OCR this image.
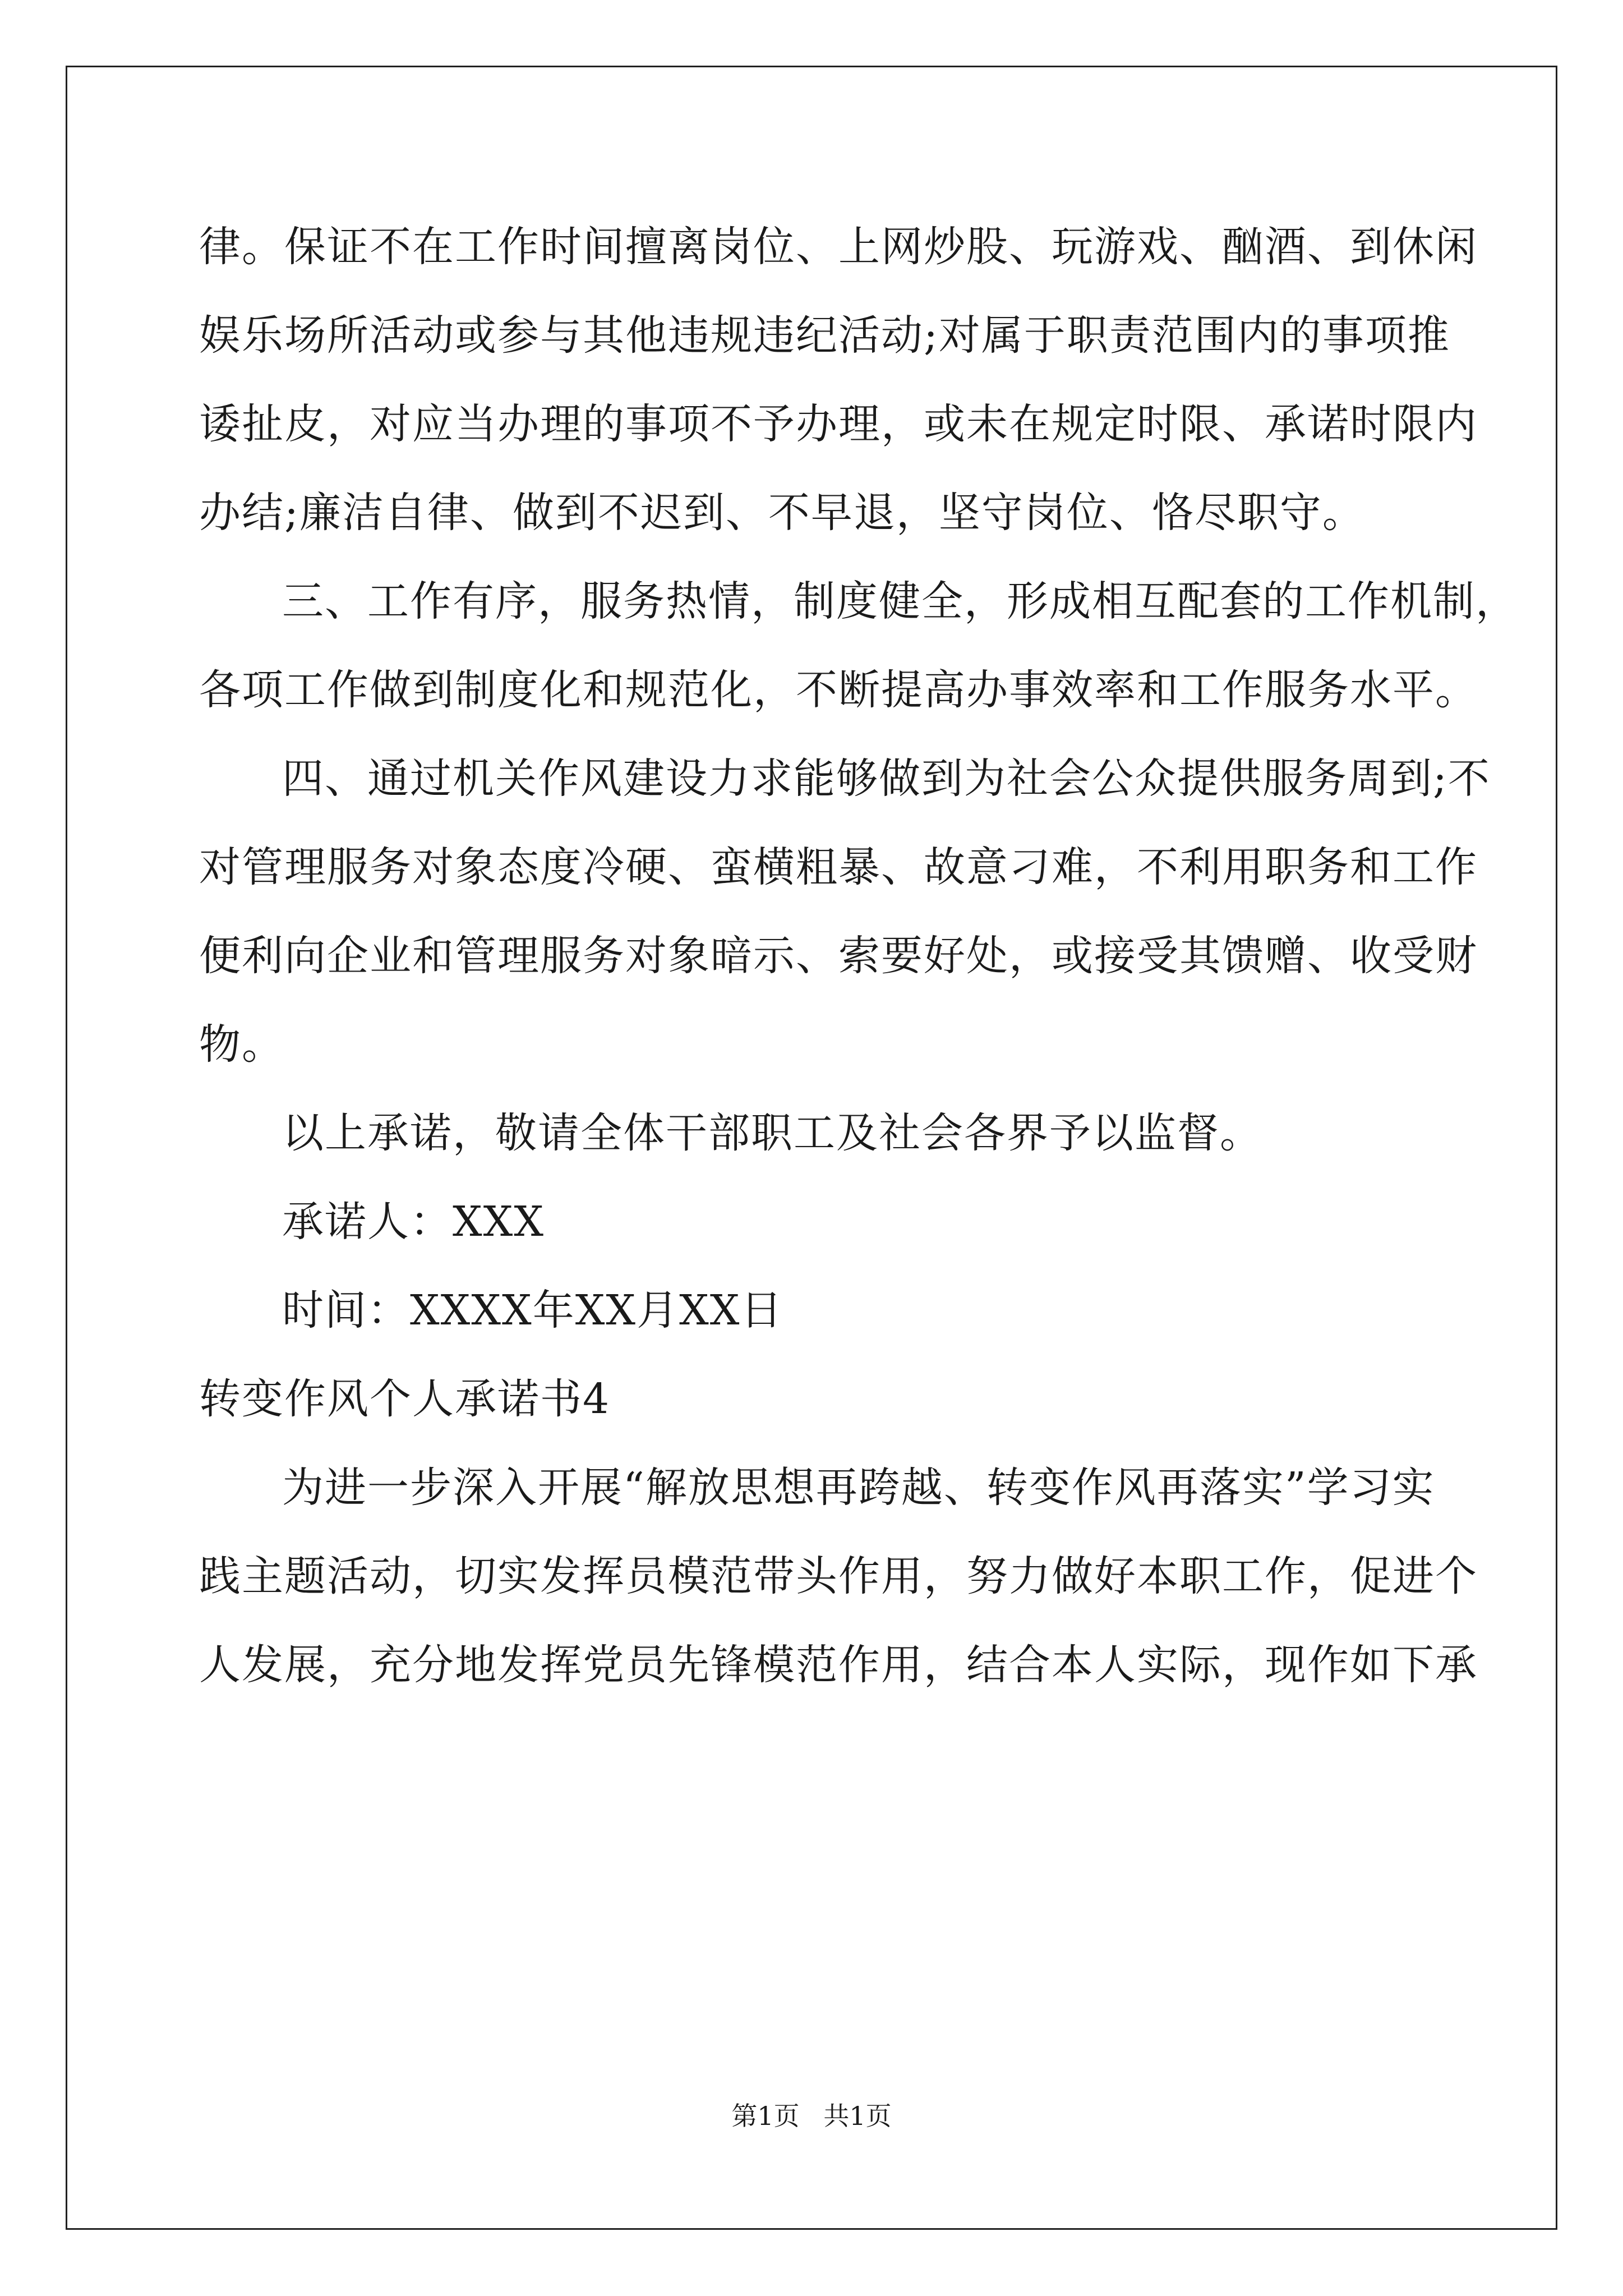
律。保证不在工作时间擅离岗位、上网炒股、玩游戏、酗酒、到休闲
娱乐场所活动或参与其他违规违纪活动;对属于职责范围内的事项推
诿扯皮，对应当办理的事项不予办理，或未在规定时限、承诺时限内
办结;廉洁自律、做到不迟到、不早退，坚守岗位、恪尽职守。
三、工作有序，服务热情，制度健全，形成相互配套的工作机制，
各项工作做到制度化和规范化，不断提高办事效率和工作服务水平。
四、通过机关作风建设力求能够做到为社会公众提供服务周到;不
对管理服务对象态度冷硬、蛮横粗暴、故意刁难，不利用职务和工作
便利向企业和管理服务对象暗示、索要好处，或接受其馈赠、收受财
物。
以上承诺，敬请全体干部职工及社会各界予以监督。
承诺人：XXX
时间：XXXX年XX月XX日
转变作风个人承诺书4
为进一步深入开展“解放思想再跨越、转变作风再落实”学习实
践主题活动，切实发挥员模范带头作用，努力做好本职工作，促进个
人发展，充分地发挥党员先锋模范作用，结合本人实际，现作如下承
第1页 共1页
